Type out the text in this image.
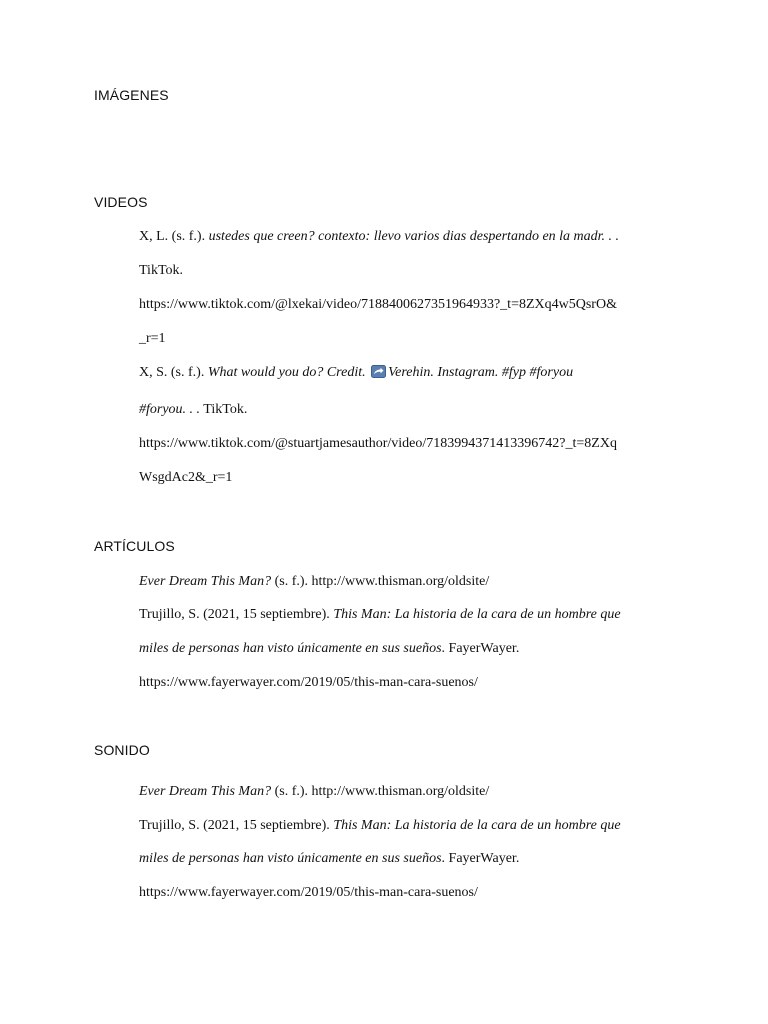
IMÁGENES
VIDEOS
X, L. (s. f.). ustedes que creen? contexto: llevo varios dias despertando en la madr. . .
TikTok.
https://www.tiktok.com/@lxekai/video/7188400627351964933?_t=8ZXq4w5QsrO&
_r=1
X, S. (s. f.). What would you do? Credit. Verehin. Instagram. #fyp #foryou
#foryou. . . TikTok.
https://www.tiktok.com/@stuartjamesauthor/video/7183994371413396742?_t=8ZXq
WsgdAc2&_r=1
ARTÍCULOS
Ever Dream This Man? (s. f.). http://www.thisman.org/oldsite/
Trujillo, S. (2021, 15 septiembre). This Man: La historia de la cara de un hombre que
miles de personas han visto únicamente en sus sueños. FayerWayer.
https://www.fayerwayer.com/2019/05/this-man-cara-suenos/
SONIDO
Ever Dream This Man? (s. f.). http://www.thisman.org/oldsite/
Trujillo, S. (2021, 15 septiembre). This Man: La historia de la cara de un hombre que
miles de personas han visto únicamente en sus sueños. FayerWayer.
https://www.fayerwayer.com/2019/05/this-man-cara-suenos/
